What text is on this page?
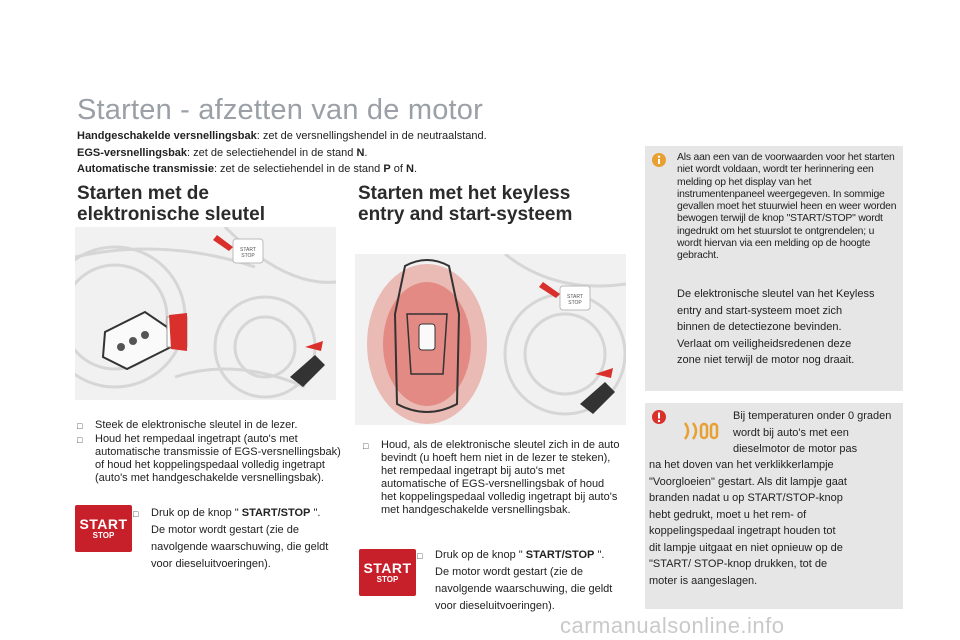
Starten - afzetten van de motor
Handgeschakelde versnellingsbak: zet de versnellingshendel in de neutraalstand.
EGS-versnellingsbak: zet de selectiehendel in de stand N.
Automatische transmissie: zet de selectiehendel in de stand P of N.
Starten met de
elektronische sleutel
START
STOP
□	Steek de elektronische sleutel in de lezer.
□	Houd het rempedaal ingetrapt (auto's met automatische transmissie of EGS-versnellingsbak) of houd het koppelingspedaal volledig ingetrapt (auto's met handgeschakelde versnellingsbak).
START
STOP
□	Druk op de knop " START/STOP ".
De motor wordt gestart (zie de navolgende waarschuwing, die geldt voor dieseluitvoeringen).
Starten met het keyless
entry and start-systeem
START
STOP
□	Houd, als de elektronische sleutel zich in de auto bevindt (u hoeft hem niet in de lezer te steken), het rempedaal ingetrapt bij auto's met automatische of EGS-versnellingsbak of houd het koppelingspedaal volledig ingetrapt bij auto's met handgeschakelde versnellingsbak.
START
STOP
□	Druk op de knop " START/STOP ".
De motor wordt gestart (zie de navolgende waarschuwing, die geldt voor dieseluitvoeringen).
Als aan een van de voorwaarden voor het starten niet wordt voldaan, wordt ter herinnering een melding op het display van het instrumentenpaneel weergegeven. In sommige gevallen moet het stuurwiel heen en weer worden bewogen terwijl de knop "START/STOP" wordt ingedrukt om het stuurslot te ontgrendelen; u wordt hiervan via een melding op de hoogte gebracht.
De elektronische sleutel van het Keyless entry and start-systeem moet zich binnen de detectiezone bevinden. Verlaat om veiligheidsredenen deze zone niet terwijl de motor nog draait.
Bij temperaturen onder 0 graden wordt bij auto's met een dieselmotor de motor pas
na het doven van het verklikkerlampje "Voorgloeien" gestart. Als dit lampje gaat branden nadat u op START/STOP-knop hebt gedrukt, moet u het rem- of koppelingspedaal ingetrapt houden tot dit lampje uitgaat en niet opnieuw op de "START/ STOP-knop drukken, tot de moter is aangeslagen.
carmanualsonline.info
